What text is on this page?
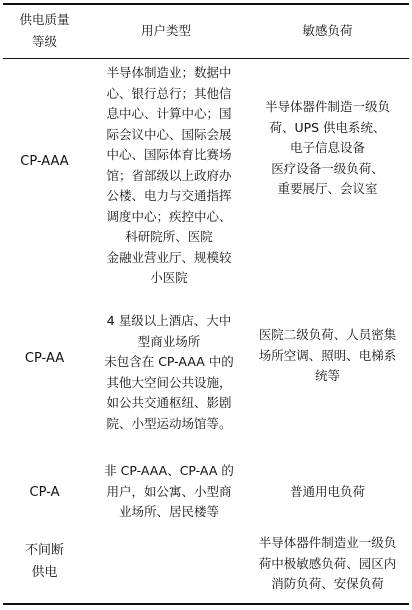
供电质量
等级
用户类型	敏感负荷
CP-AAA
半导体制造业；数据中
心、银行总行；其他信
息中心、计算中心；国
际会议中心、国际会展
中心、国际体育比赛场
馆；省部级以上政府办
公楼、电力与交通指挥
调度中心；疾控中心、
科研院所、医院
金融业营业厅、规模较
小医院
半导体器件制造一级负
荷、UPS 供电系统、
电子信息设备
医疗设备一级负荷、
重要展厅、会议室
CP-AA
4 星级以上酒店、大中
型商业场所
未包含在 CP-AAA 中的
其他大空间公共设施，
如公共交通枢纽、影剧
院、小型运动场馆等。
医院二级负荷、人员密集
场所空调、照明、电梯系
统等
CP-A
非 CP-AAA、CP-AA 的
用户，如公寓、小型商
业场所、居民楼等
普通用电负荷
不间断
供电
半导体器件制造业一级负
荷中极敏感负荷、园区内
消防负荷、安保负荷
